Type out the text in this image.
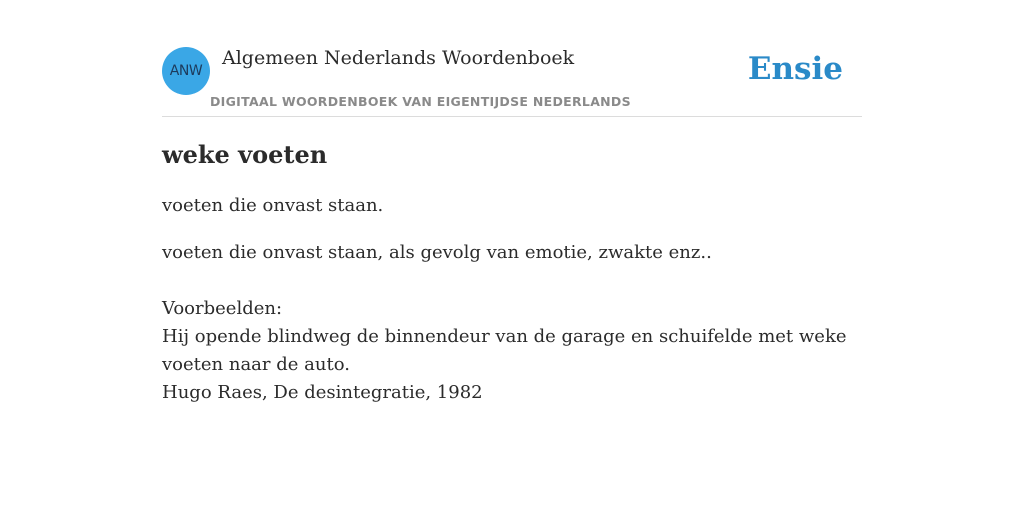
ANW
Algemeen Nederlands Woordenboek
DIGITAAL WOORDENBOEK VAN EIGENTIJDSE NEDERLANDS
Ensie
weke voeten
voeten die onvast staan.
voeten die onvast staan, als gevolg van emotie, zwakte enz..
Voorbeelden:
Hij opende blindweg de binnendeur van de garage en schuifelde met weke voeten naar de auto.
Hugo Raes, De desintegratie, 1982
